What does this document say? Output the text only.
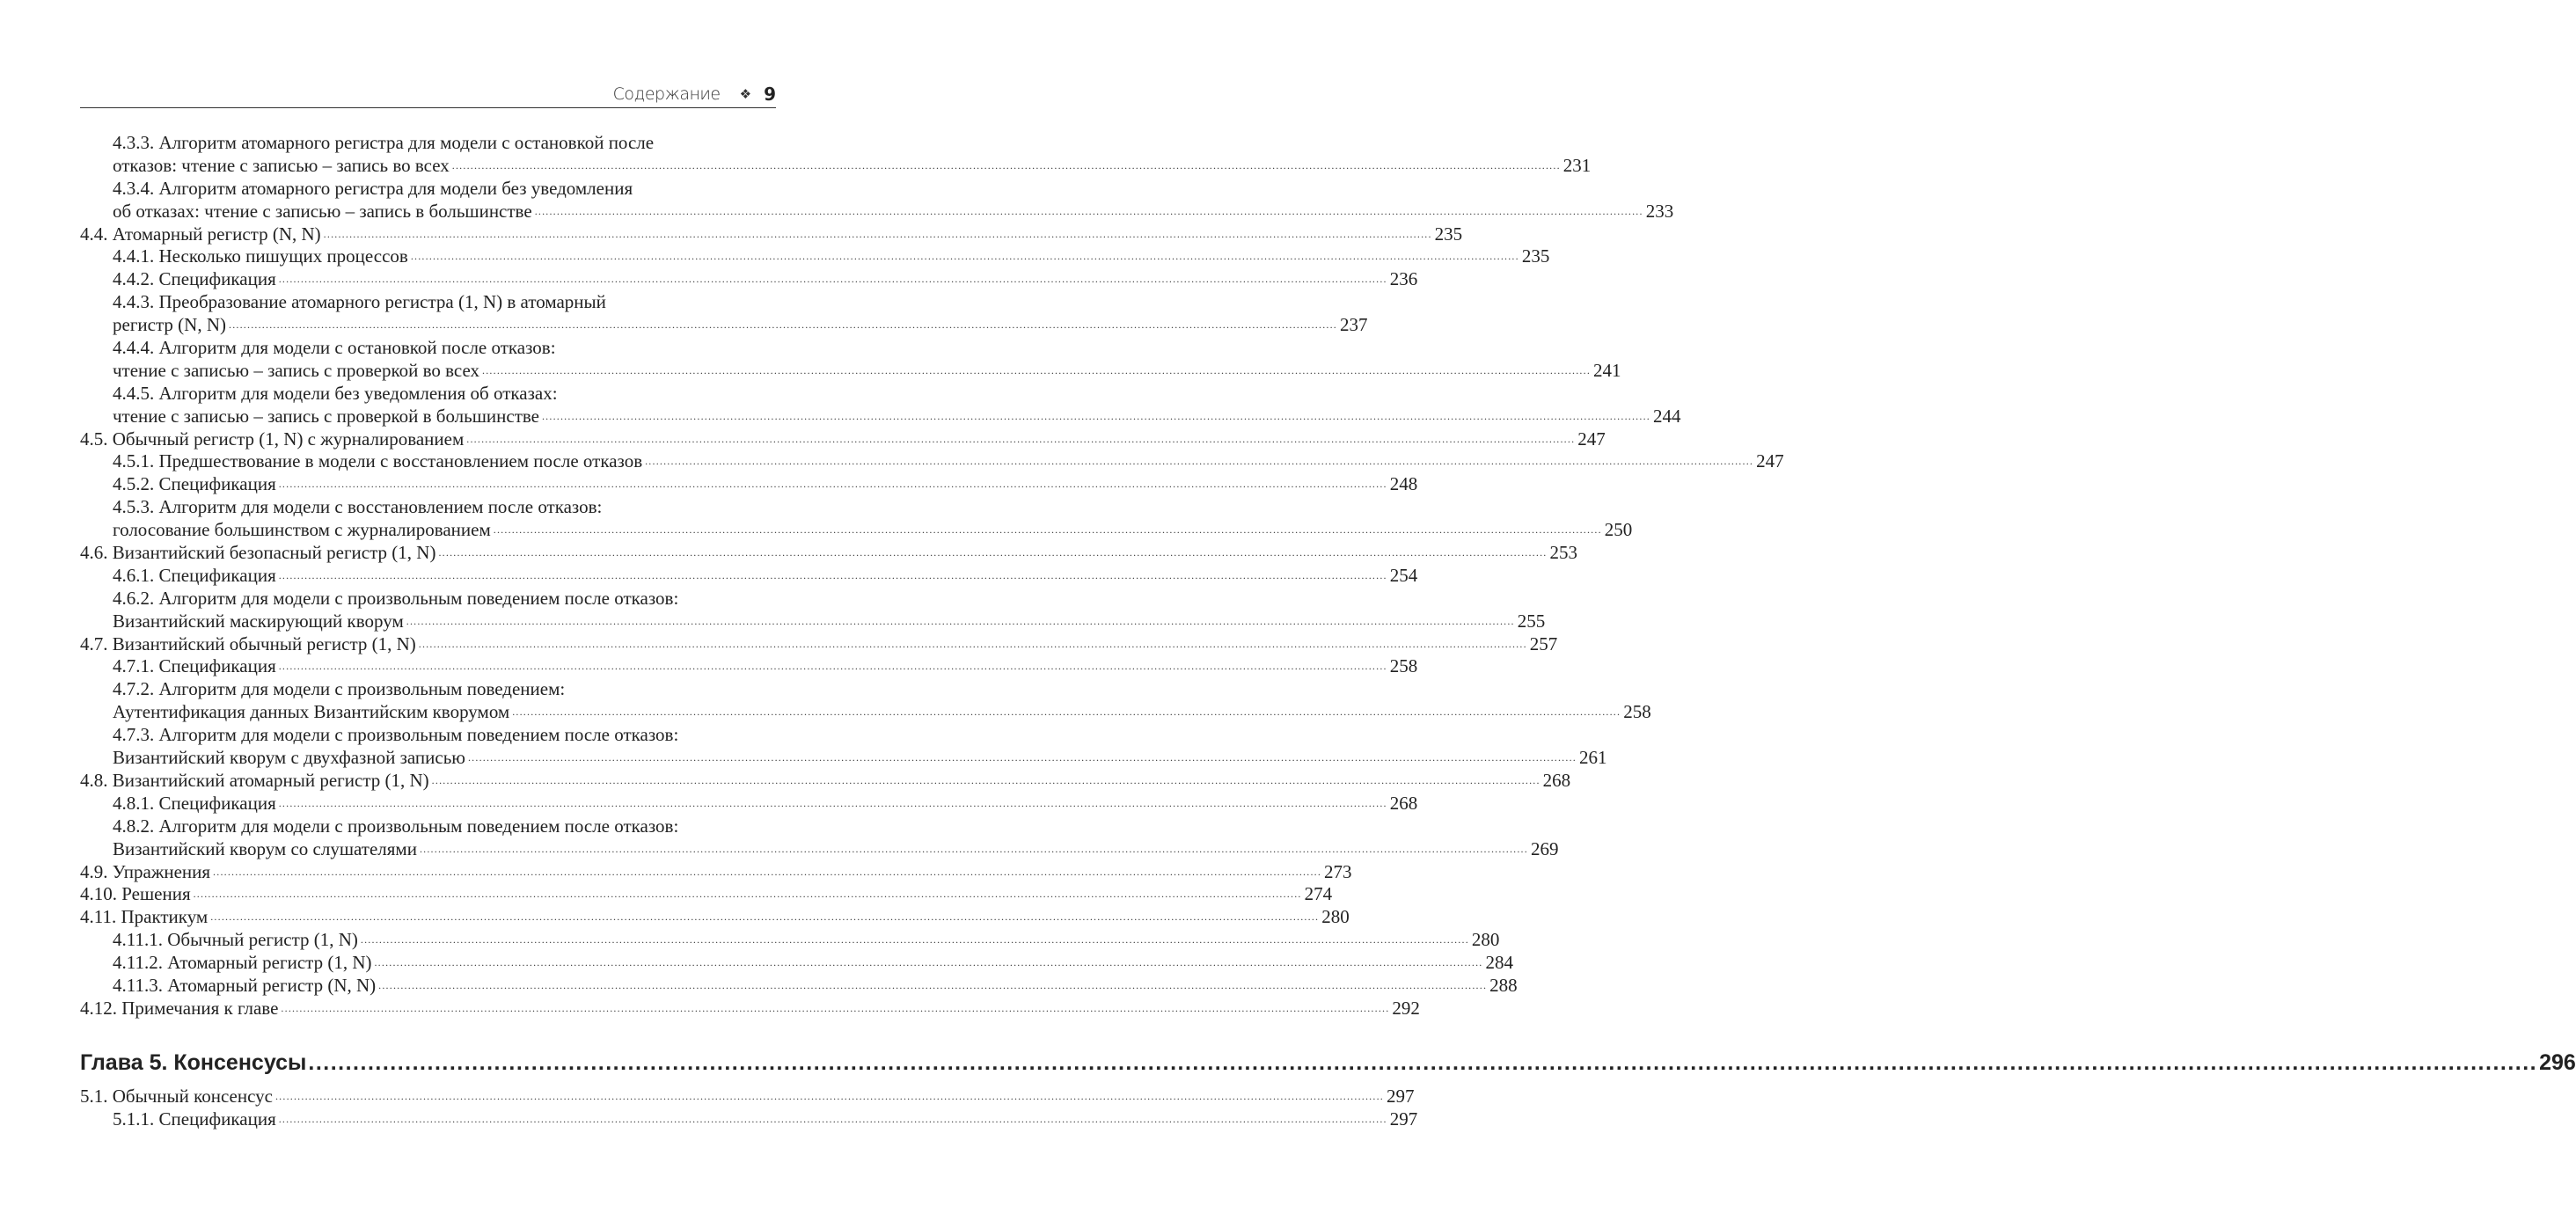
Содержание ❖ 9
4.3.3. Алгоритм атомарного регистра для модели с остановкой после
отказов: чтение с записью – запись во всех ............................................................................................................................................................................................................................................................................................................ 231
4.3.4. Алгоритм атомарного регистра для модели без уведомления
об отказах: чтение с записью – запись в большинстве ............................................................................................................................................................................................................................................................................................................ 233
4.4. Атомарный регистр (N, N) ............................................................................................................................................................................................................................................................................................................ 235
4.4.1. Несколько пишущих процессов ............................................................................................................................................................................................................................................................................................................ 235
4.4.2. Спецификация ............................................................................................................................................................................................................................................................................................................ 236
4.4.3. Преобразование атомарного регистра (1, N) в атомарный
регистр (N, N) ............................................................................................................................................................................................................................................................................................................ 237
4.4.4. Алгоритм для модели с остановкой после отказов:
чтение с записью – запись с проверкой во всех ............................................................................................................................................................................................................................................................................................................ 241
4.4.5. Алгоритм для модели без уведомления об отказах:
чтение с записью – запись с проверкой в большинстве ............................................................................................................................................................................................................................................................................................................ 244
4.5. Обычный регистр (1, N) с журналированием ............................................................................................................................................................................................................................................................................................................ 247
4.5.1. Предшествование в модели с восстановлением после отказов ............................................................................................................................................................................................................................................................................................................ 247
4.5.2. Спецификация ............................................................................................................................................................................................................................................................................................................ 248
4.5.3. Алгоритм для модели с восстановлением после отказов:
голосование большинством с журналированием ............................................................................................................................................................................................................................................................................................................ 250
4.6. Византийский безопасный регистр (1, N) ............................................................................................................................................................................................................................................................................................................ 253
4.6.1. Спецификация ............................................................................................................................................................................................................................................................................................................ 254
4.6.2. Алгоритм для модели с произвольным поведением после отказов:
Византийский маскирующий кворум ............................................................................................................................................................................................................................................................................................................ 255
4.7. Византийский обычный регистр (1, N) ............................................................................................................................................................................................................................................................................................................ 257
4.7.1. Спецификация ............................................................................................................................................................................................................................................................................................................ 258
4.7.2. Алгоритм для модели с произвольным поведением:
Аутентификация данных Византийским кворумом ............................................................................................................................................................................................................................................................................................................ 258
4.7.3. Алгоритм для модели с произвольным поведением после отказов:
Византийский кворум с двухфазной записью ............................................................................................................................................................................................................................................................................................................ 261
4.8. Византийский атомарный регистр (1, N) ............................................................................................................................................................................................................................................................................................................ 268
4.8.1. Спецификация ............................................................................................................................................................................................................................................................................................................ 268
4.8.2. Алгоритм для модели с произвольным поведением после отказов:
Византийский кворум со слушателями ............................................................................................................................................................................................................................................................................................................ 269
4.9. Упражнения ............................................................................................................................................................................................................................................................................................................ 273
4.10. Решения ............................................................................................................................................................................................................................................................................................................ 274
4.11. Практикум ............................................................................................................................................................................................................................................................................................................ 280
4.11.1. Обычный регистр (1, N) ............................................................................................................................................................................................................................................................................................................ 280
4.11.2. Атомарный регистр (1, N) ............................................................................................................................................................................................................................................................................................................ 284
4.11.3. Атомарный регистр (N, N) ............................................................................................................................................................................................................................................................................................................ 288
4.12. Примечания к главе ............................................................................................................................................................................................................................................................................................................ 292
Глава 5. Консенсусы ............................................................................................................................................................................................................................................................................................................ 296
5.1. Обычный консенсус ............................................................................................................................................................................................................................................................................................................ 297
5.1.1. Спецификация ............................................................................................................................................................................................................................................................................................................ 297
